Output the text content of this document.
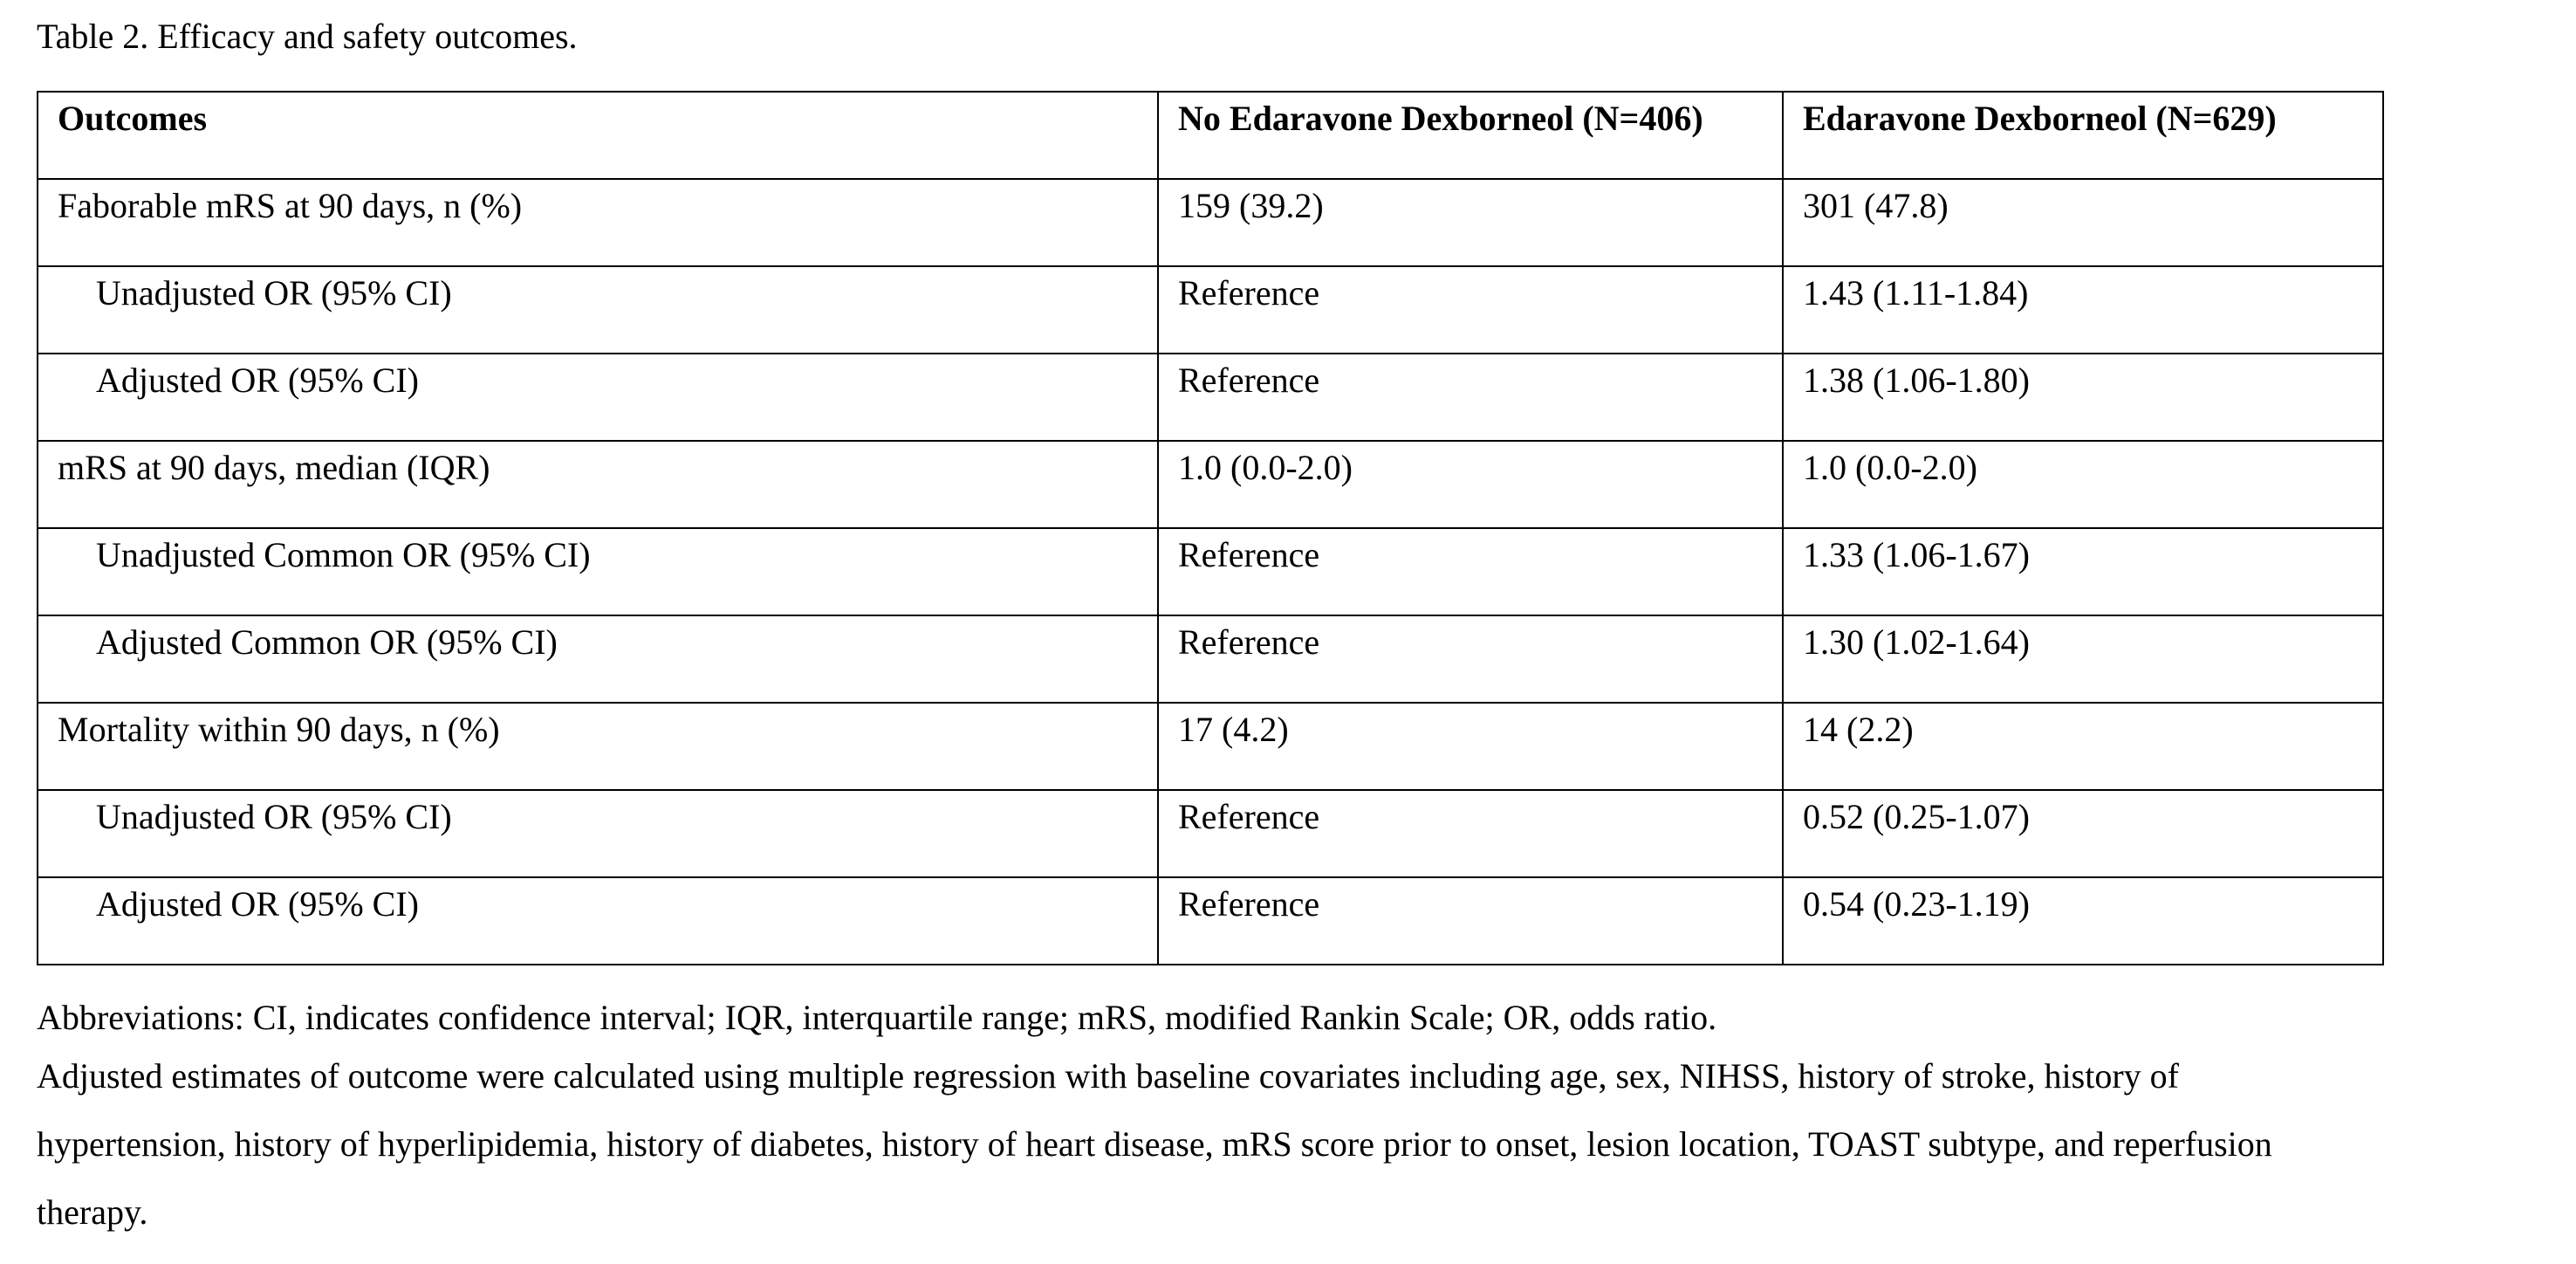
Table 2. Efficacy and safety outcomes.
Outcomes	No Edaravone Dexborneol (N=406)	Edaravone Dexborneol (N=629)

Faborable mRS at 90 days, n (%)	159 (39.2)	301 (47.8)

Unadjusted OR (95% CI)	Reference	1.43 (1.11-1.84)

Adjusted OR (95% CI)	Reference	1.38 (1.06-1.80)

mRS at 90 days, median (IQR)	1.0 (0.0-2.0)	1.0 (0.0-2.0)

Unadjusted Common OR (95% CI)	Reference	1.33 (1.06-1.67)

Adjusted Common OR (95% CI)	Reference	1.30 (1.02-1.64)

Mortality within 90 days, n (%)	17 (4.2)	14 (2.2)

Unadjusted OR (95% CI)	Reference	0.52 (0.25-1.07)

Adjusted OR (95% CI)	Reference	0.54 (0.23-1.19)

Abbreviations: CI, indicates confidence interval; IQR, interquartile range; mRS, modified Rankin Scale; OR, odds ratio.

Adjusted estimates of outcome were calculated using multiple regression with baseline covariates including age, sex, NIHSS, history of stroke, history of

hypertension, history of hyperlipidemia, history of diabetes, history of heart disease, mRS score prior to onset, lesion location, TOAST subtype, and reperfusion

therapy.
